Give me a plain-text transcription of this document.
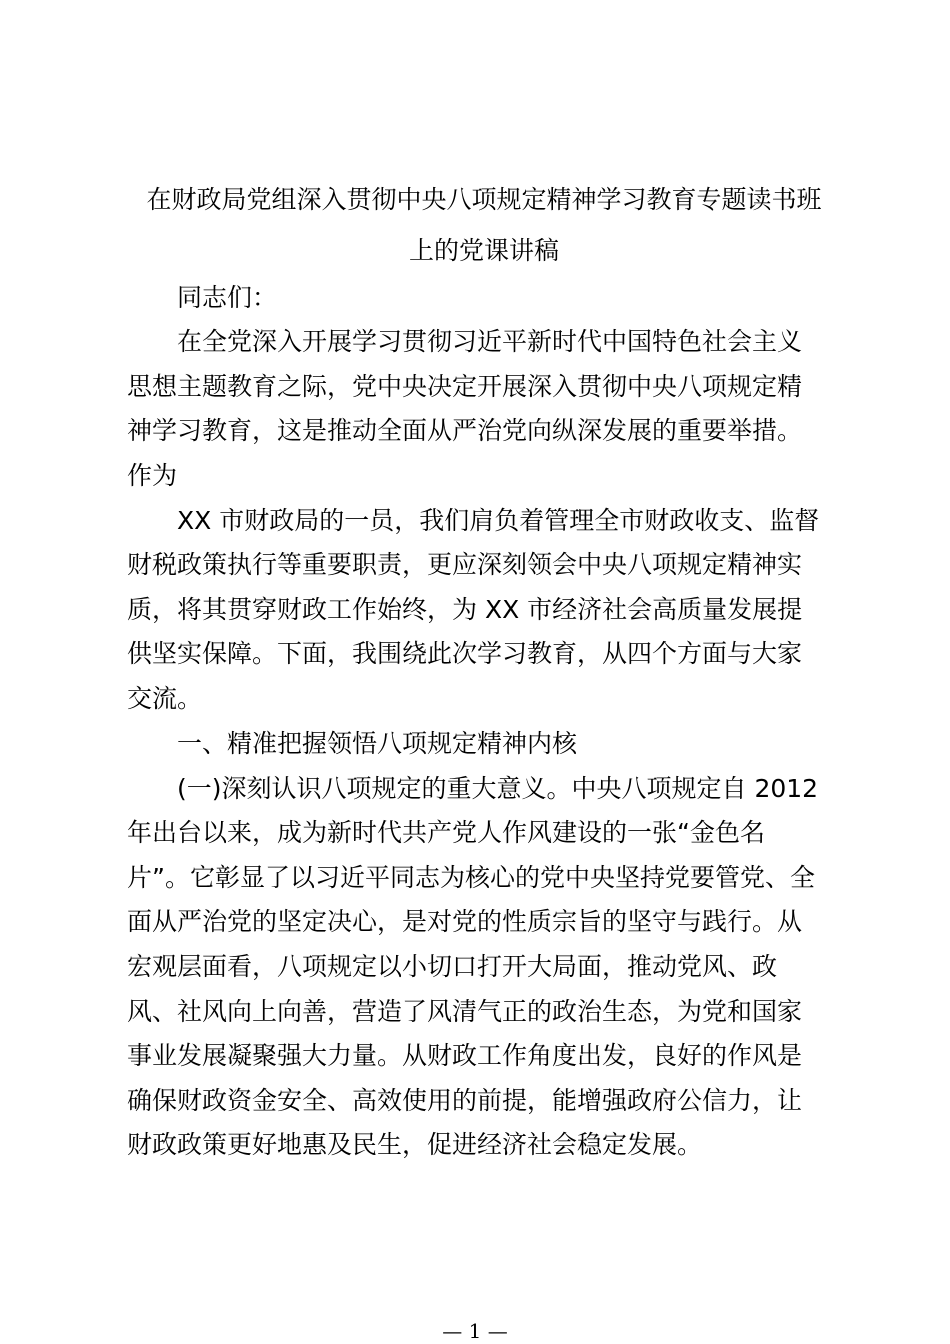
在财政局党组深入贯彻中央八项规定精神学习教育专题读书班
上的党课讲稿
同志们：
在全党深入开展学习贯彻习近平新时代中国特色社会主义
思想主题教育之际，党中央决定开展深入贯彻中央八项规定精
神学习教育，这是推动全面从严治党向纵深发展的重要举措。
作为
XX 市财政局的一员，我们肩负着管理全市财政收支、监督
财税政策执行等重要职责，更应深刻领会中央八项规定精神实
质，将其贯穿财政工作始终，为 XX 市经济社会高质量发展提
供坚实保障。下面，我围绕此次学习教育，从四个方面与大家
交流。
一、精准把握领悟八项规定精神内核
(一)深刻认识八项规定的重大意义。中央八项规定自 2012
年出台以来，成为新时代共产党人作风建设的一张“金色名
片”。它彰显了以习近平同志为核心的党中央坚持党要管党、全
面从严治党的坚定决心，是对党的性质宗旨的坚守与践行。从
宏观层面看，八项规定以小切口打开大局面，推动党风、政
风、社风向上向善，营造了风清气正的政治生态，为党和国家
事业发展凝聚强大力量。从财政工作角度出发，良好的作风是
确保财政资金安全、高效使用的前提，能增强政府公信力，让
财政政策更好地惠及民生，促进经济社会稳定发展。
— 1 —
